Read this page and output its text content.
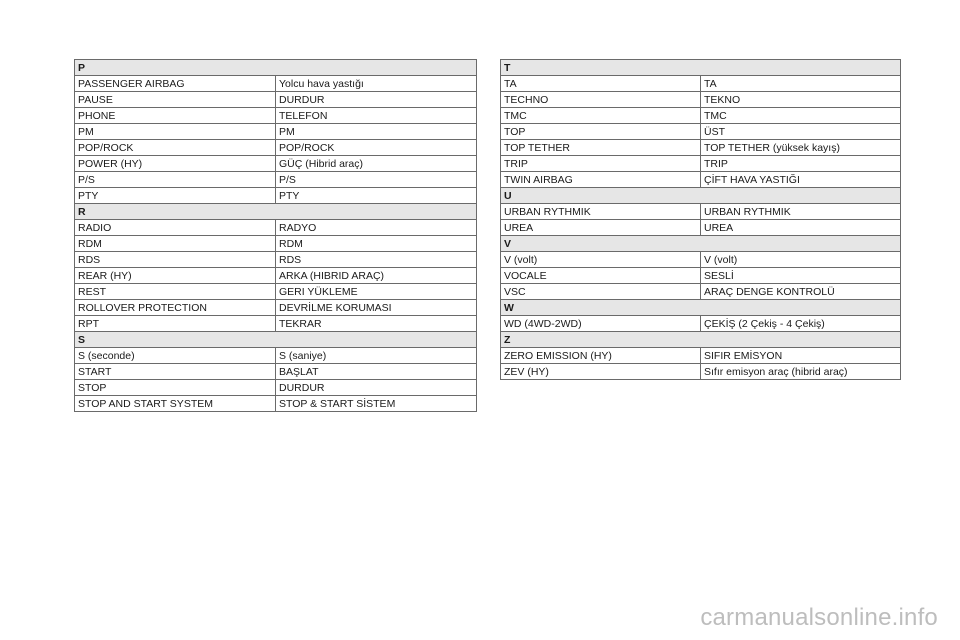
P	
PASSENGER AIRBAG	Yolcu hava yastığı
PAUSE	DURDUR
PHONE	TELEFON
PM	PM
POP/ROCK	POP/ROCK
POWER (HY)	GÜÇ (Hibrid araç)
P/S	P/S
PTY	PTY
R	
RADIO	RADYO
RDM	RDM
RDS	RDS
REAR (HY)	ARKA (HIBRID ARAÇ)
REST	GERI YÜKLEME
ROLLOVER PROTECTION	DEVRİLME KORUMASI
RPT	TEKRAR
S	
S (seconde)	S (saniye)
START	BAŞLAT
STOP	DURDUR
STOP AND START SYSTEM	STOP & START SİSTEM
T	
TA	TA
TECHNO	TEKNO
TMC	TMC
TOP	ÜST
TOP TETHER	TOP TETHER (yüksek kayış)
TRIP	TRIP
TWIN AIRBAG	ÇİFT HAVA YASTIĞI
U	
URBAN RYTHMIK	URBAN RYTHMIK
UREA	UREA
V	
V (volt)	V (volt)
VOCALE	SESLİ
VSC	ARAÇ DENGE KONTROLÜ
W	
WD (4WD-2WD)	ÇEKİŞ (2 Çekiş - 4 Çekiş)
Z	
ZERO EMISSION (HY)	SIFIR EMİSYON
ZEV (HY)	Sıfır emisyon araç (hibrid araç)
carmanualsonline.info
